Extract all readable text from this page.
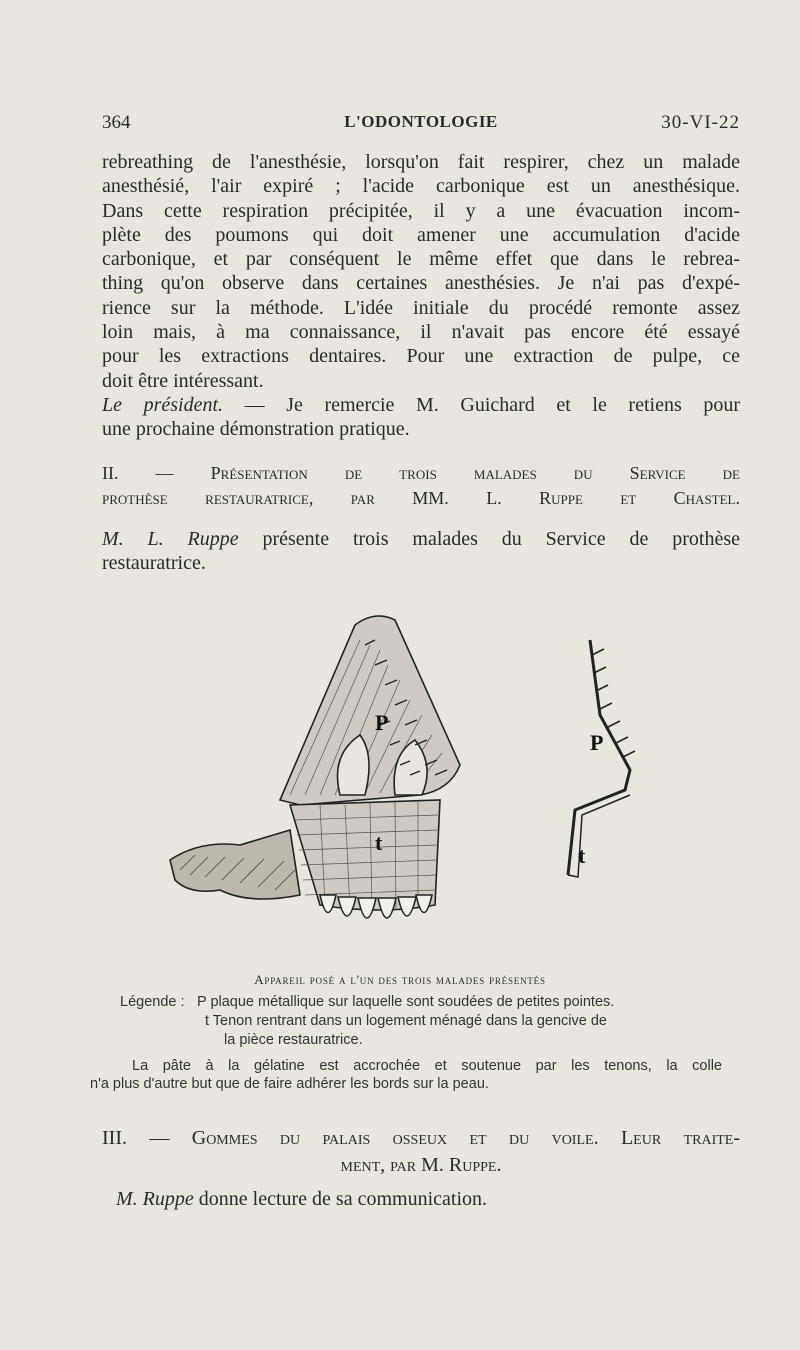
364	L'ODONTOLOGIE	30-VI-22
rebreathing de l'anesthésie, lorsqu'on fait respirer, chez un malade
anesthésié, l'air expiré ; l'acide carbonique est un anesthésique.
Dans cette respiration précipitée, il y a une évacuation incom-
plète des poumons qui doit amener une accumulation d'acide
carbonique, et par conséquent le même effet que dans le rebrea-
thing qu'on observe dans certaines anesthésies. Je n'ai pas d'expé-
rience sur la méthode. L'idée initiale du procédé remonte assez
loin mais, à ma connaissance, il n'avait pas encore été essayé
pour les extractions dentaires. Pour une extraction de pulpe, ce
doit être intéressant.
Le président. — Je remercie M. Guichard et le retiens pour
une prochaine démonstration pratique.
II. — Présentation de trois malades du Service de
prothèse restauratrice, par MM. L. Ruppe et Chastel.
M. L. Ruppe présente trois malades du Service de prothèse
restauratrice.
P
t
P
t
Appareil posé a l'un des trois malades présentés
Légende : P plaque métallique sur laquelle sont soudées de petites pointes.
t Tenon rentrant dans un logement ménagé dans la gencive de
la pièce restauratrice.
La pâte à la gélatine est accrochée et soutenue par les tenons, la colle
n'a plus d'autre but que de faire adhérer les bords sur la peau.
III. — Gommes du palais osseux et du voile. Leur traite-
ment, par M. Ruppe.
M. Ruppe donne lecture de sa communication.
